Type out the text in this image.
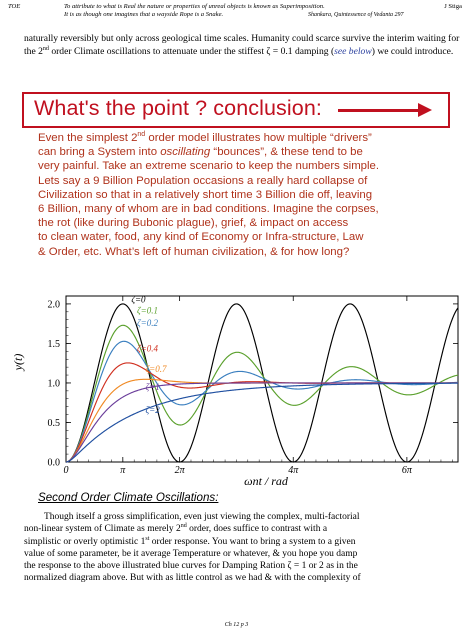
TOE	To attribute to what is Real the nature or properties of unreal objects is known as Superimposition.
It is as though one imagines that a wayside Rope is a Snake.	Shankara, Quintessence of Vedanta 297
J Stiga
naturally reversibly but only across geological time scales. Humanity could scarce survive the interim waiting for the 2nd order Climate oscillations to attenuate under the stiffest ζ = 0.1 damping (see below) we could introduce.
What's the point ? conclusion:
Even the simplest 2nd order model illustrates how multiple “drivers”
can bring a System into oscillating “bounces”, & these tend to be
very painful. Take an extreme scenario to keep the numbers simple.
Lets say a 9 Billion Population occasions a really hard collapse of
Civilization so that in a relatively short time 3 Billion die off, leaving
6 Billion, many of whom are in bad conditions. Imagine the corpses,
the rot (like during Bubonic plague), grief, & impact on access
to clean water, food, any kind of Economy or Infra-structure, Law
& Order, etc. What’s left of human civilization, & for how long?
0.0
0.5
1.0
1.5
2.0
0	π	2π	4π	6π
ζ=0
ζ=0.1
ζ=0.2
ζ=0.4
ζ=0.7
ζ=1
ζ=2
y(t)
ωnt / rad
Second Order Climate Oscillations:
Though itself a gross simplification, even just viewing the complex, multi-factorial
non-linear system of Climate as merely 2nd order, does suffice to contrast with a
simplistic or overly optimistic 1st order response. You want to bring a system to a given
value of some parameter, be it average Temperature or whatever, & you hope you damp
the response to the above illustrated blue curves for Damping Ration ζ = 1 or 2 as in the
normalized diagram above. But with as little control as we had & with the complexity of
Ch 12 p 3
